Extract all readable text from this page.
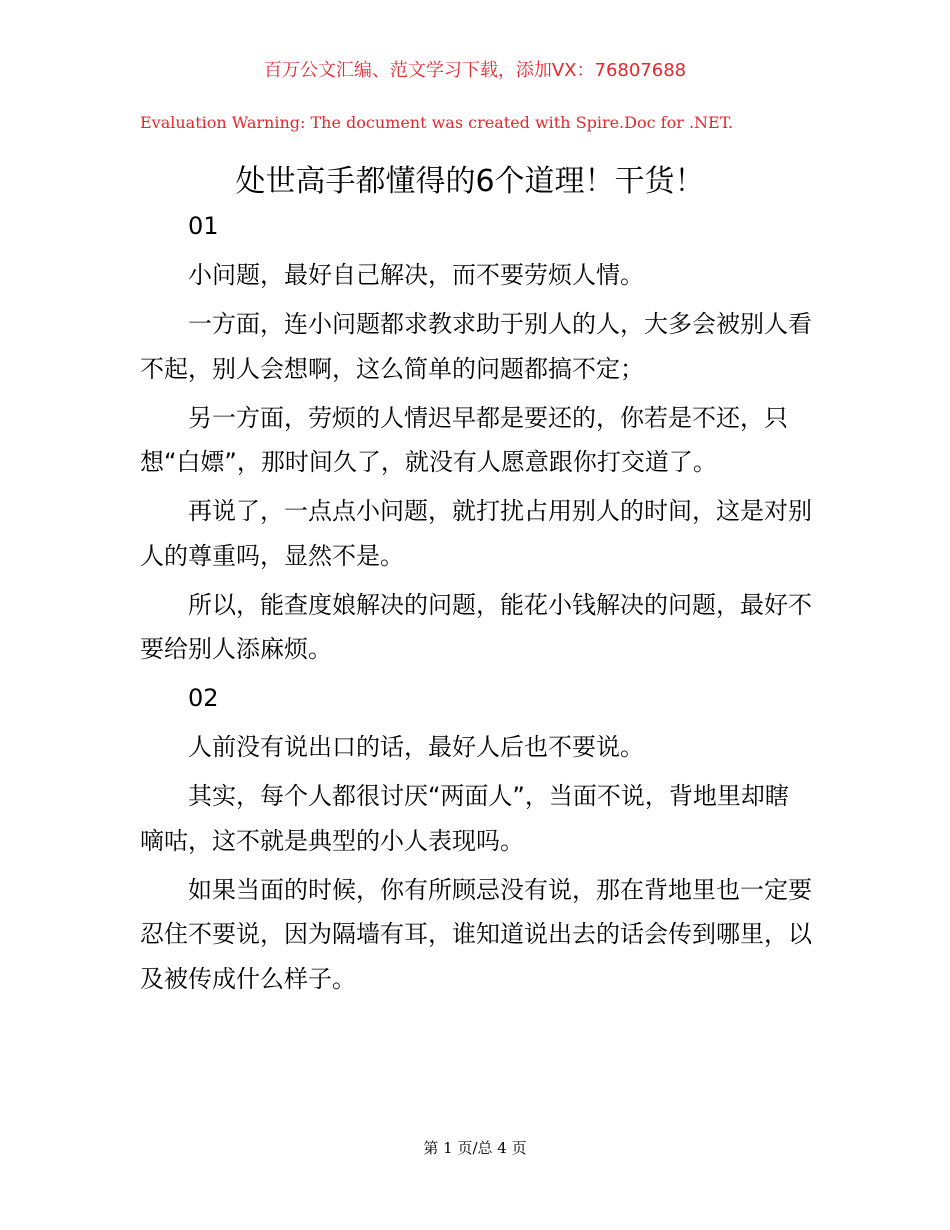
百万公文汇编、范文学习下载，添加VX：76807688
Evaluation Warning: The document was created with Spire.Doc for .NET.
处世高手都懂得的6个道理！干货！

01

小问题，最好自己解决，而不要劳烦人情。

一方面，连小问题都求教求助于别人的人，大多会被别人看不起，别人会想啊，这么简单的问题都搞不定；

另一方面，劳烦的人情迟早都是要还的，你若是不还，只想“白嫖”，那时间久了，就没有人愿意跟你打交道了。

再说了，一点点小问题，就打扰占用别人的时间，这是对别人的尊重吗，显然不是。

所以，能查度娘解决的问题，能花小钱解决的问题，最好不要给别人添麻烦。

02

人前没有说出口的话，最好人后也不要说。

其实，每个人都很讨厌“两面人”，当面不说，背地里却瞎嘀咕，这不就是典型的小人表现吗。

如果当面的时候，你有所顾忌没有说，那在背地里也一定要忍住不要说，因为隔墙有耳，谁知道说出去的话会传到哪里，以及被传成什么样子。

第 1 页/总 4 页
